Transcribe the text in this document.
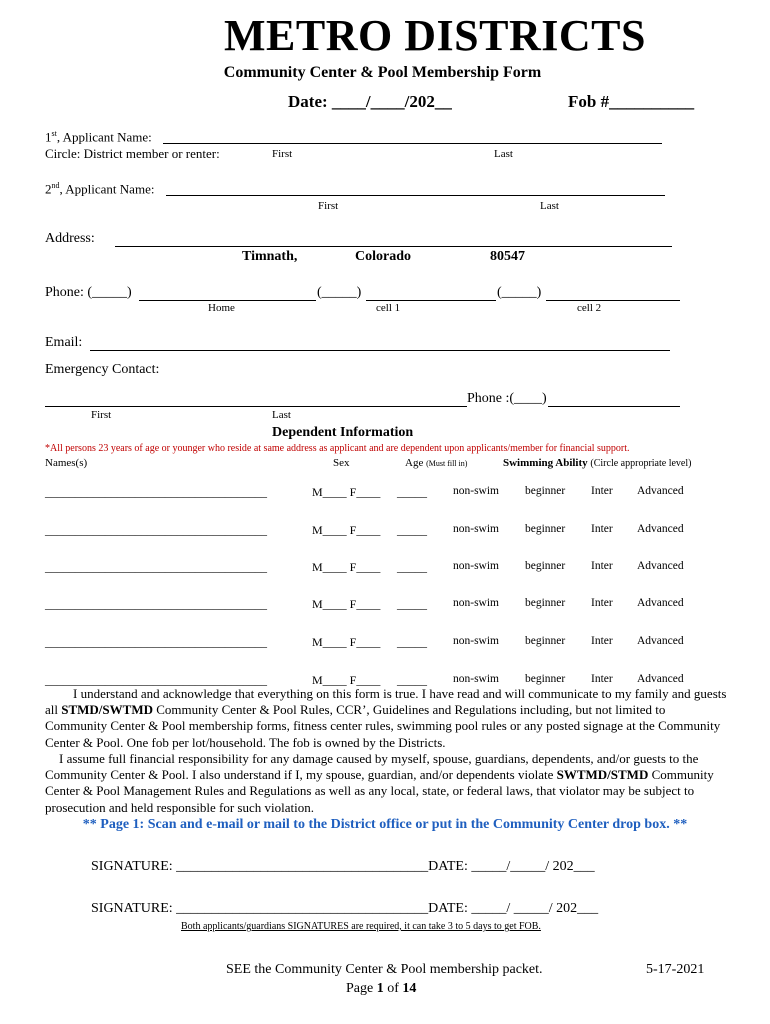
METRO DISTRICTS
Community Center & Pool Membership Form
Date: ____/____/202__	Fob #__________
1st, Applicant Name:
Circle: District member or renter:	First	Last
2nd, Applicant Name:
First	Last
Address:
Timnath,	Colorado	80547
Phone: (_____)	(_____)	(_____)
Home	cell 1	cell 2
Email:
Emergency Contact:
Phone :(____)
First	Last
Dependent Information
*All persons 23 years of age or younger who reside at same address as applicant and are dependent upon applicants/member for financial support.
Names(s)	Sex	Age (Must fill in)	Swimming Ability (Circle appropriate level)
_____________________________________	M____ F____ _____ non-swim beginner Inter Advanced
_____________________________________	M____ F____ _____ non-swim beginner Inter Advanced
_____________________________________	M____ F____ _____ non-swim beginner Inter Advanced
_____________________________________	M____ F____ _____ non-swim beginner Inter Advanced
_____________________________________	M____ F____ _____ non-swim beginner Inter Advanced
_____________________________________	M____ F____ _____ non-swim beginner Inter Advanced
I understand and acknowledge that everything on this form is true. I have read and will communicate to my family and guests all STMD/SWTMD Community Center & Pool Rules, CCR’, Guidelines and Regulations including, but not limited to Community Center & Pool membership forms, fitness center rules, swimming pool rules or any posted signage at the Community Center & Pool. One fob per lot/household. The fob is owned by the Districts.
I assume full financial responsibility for any damage caused by myself, spouse, guardians, dependents, and/or guests to the Community Center & Pool. I also understand if I, my spouse, guardian, and/or dependents violate SWTMD/STMD Community Center & Pool Management Rules and Regulations as well as any local, state, or federal laws, that violator may be subject to prosecution and held responsible for such violation.
** Page 1: Scan and e-mail or mail to the District office or put in the Community Center drop box. **
SIGNATURE: ____________________________________DATE: _____/_____/ 202___
SIGNATURE: ____________________________________DATE: _____/ _____/ 202___
Both applicants/guardians SIGNATURES are required, it can take 3 to 5 days to get FOB.
SEE the Community Center & Pool membership packet.	5-17-2021
Page 1 of 14
